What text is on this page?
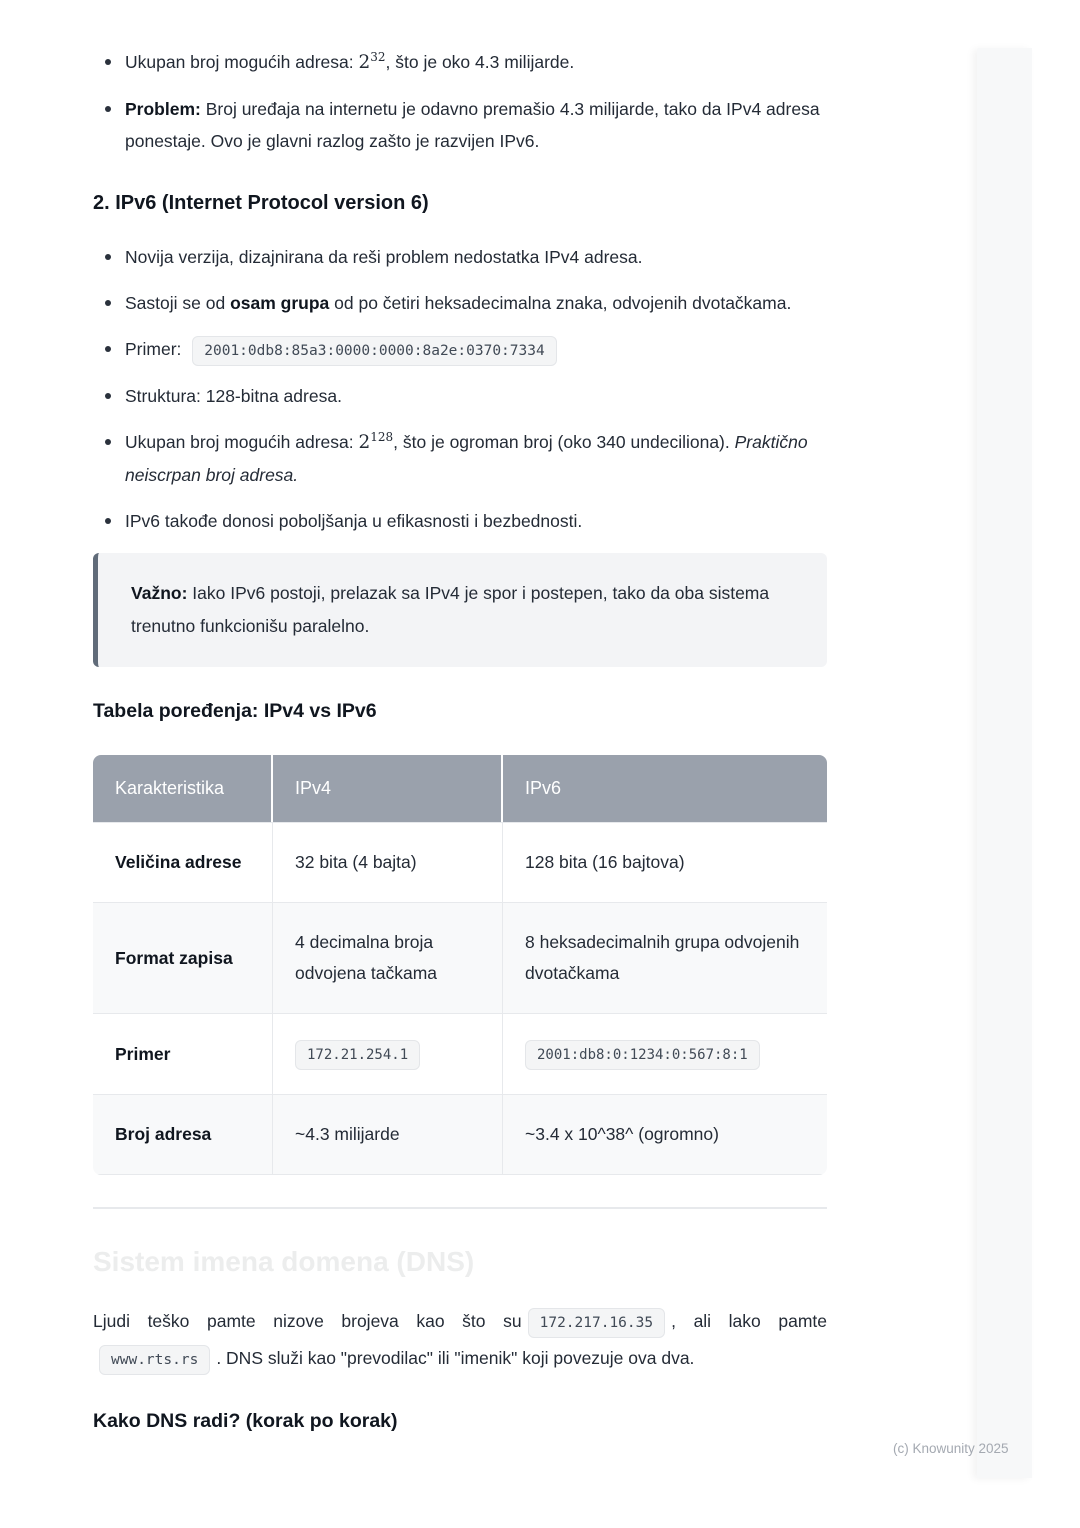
Ukupan broj mogućih adresa: $2^{32}$, što je oko 4.3 milijarde.
Problem: Broj uređaja na internetu je odavno premašio 4.3 milijarde, tako da IPv4 adresa ponestaje. Ovo je glavni razlog zašto je razvijen IPv6.
2. IPv6 (Internet Protocol version 6)
Novija verzija, dizajnirana da reši problem nedostatka IPv4 adresa.
Sastoji se od osam grupa od po četiri heksadecimalna znaka, odvojenih dvotačkama.
Primer: 2001:0db8:85a3:0000:0000:8a2e:0370:7334
Struktura: 128-bitna adresa.
Ukupan broj mogućih adresa: $2^{128}$, što je ogroman broj (oko 340 undeciliona). Praktično neiscrpan broj adresa.
IPv6 takođe donosi poboljšanja u efikasnosti i bezbednosti.

Važno: Iako IPv6 postoji, prelazak sa IPv4 je spor i postepen, tako da oba sistema trenutno funkcionišu paralelno.

Tabela poređenja: IPv4 vs IPv6
Karakteristika	IPv4	IPv6
Veličina adrese	32 bita (4 bajta)	128 bita (16 bajtova)
Format zapisa	4 decimalna broja odvojena tačkama	8 heksadecimalnih grupa odvojenih dvotačkama
Primer	172.21.254.1	2001:db8:0:1234:0:567:8:1
Broj adresa	~4.3 milijarde	~3.4 x 10^38^ (ogromno)
Sistem imena domena (DNS)

Ljudi teško pamte nizove brojeva kao što su 172.217.16.35 , ali lako pamte www.rts.rs . DNS služi kao "prevodilac" ili "imenik" koji povezuje ova dva.

Kako DNS radi? (korak po korak)
(c) Knowunity 2025
